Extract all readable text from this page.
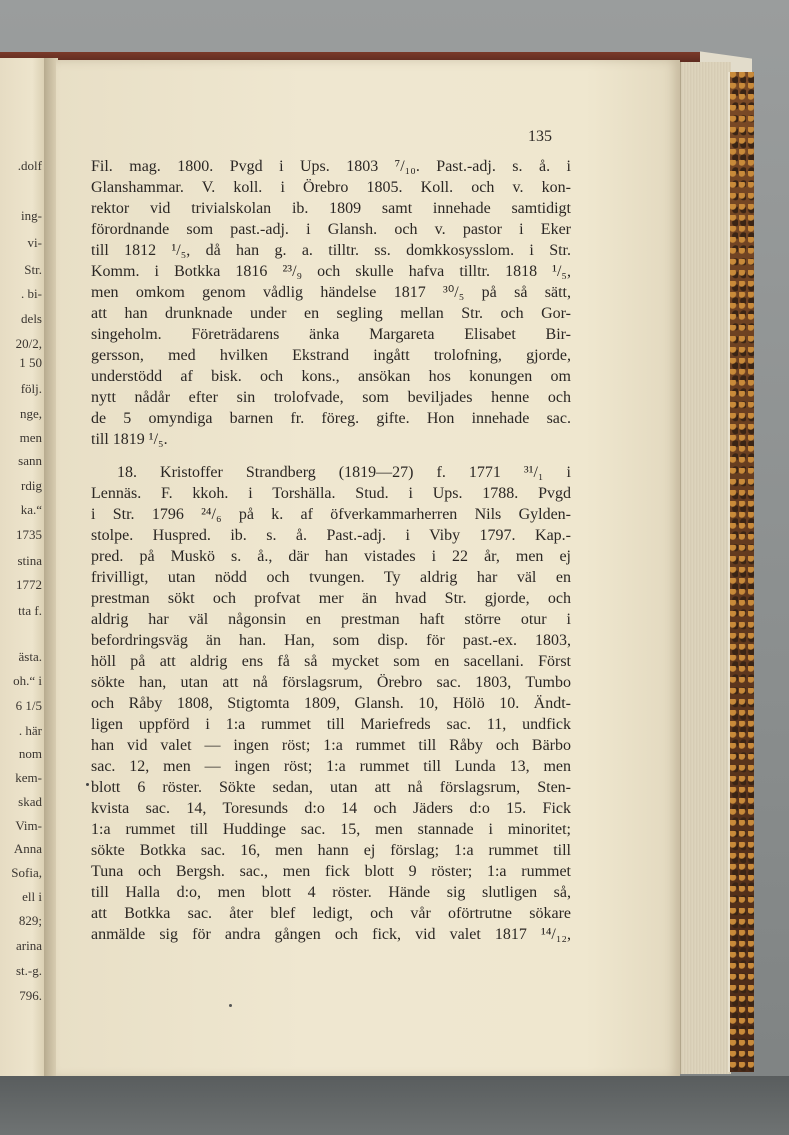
.dolf
ing-
vi-
Str.
. bi-
dels
20/2,
1 50
följ.
nge,
men
sann
rdig
ka.“
1735
stina
1772
tta f.
ästa.
oh.“ i
6 1/5
. här
nom
kem-
skad
Vim-
Anna
Sofia,
ell i
829;
arina
st.-g.
796.
135
Fil. mag. 1800. Pvgd i Ups. 1803 ⁷/₁₀. Past.-adj. s. å. i
Glanshammar. V. koll. i Örebro 1805. Koll. och v. kon-
rektor vid trivialskolan ib. 1809 samt innehade samtidigt
förordnande som past.-adj. i Glansh. och v. pastor i Eker
till 1812 ¹/₅, då han g. a. tilltr. ss. domkkosysslom. i Str.
Komm. i Botkka 1816 ²³/₉ och skulle hafva tilltr. 1818 ¹/₅,
men omkom genom vådlig händelse 1817 ³⁰/₅ på så sätt,
att han drunknade under en segling mellan Str. och Gor-
singeholm. Företrädarens änka Margareta Elisabet Bir-
gersson, med hvilken Ekstrand ingått trolofning, gjorde,
understödd af bisk. och kons., ansökan hos konungen om
nytt nådår efter sin trolofvade, som beviljades henne och
de 5 omyndiga barnen fr. föreg. gifte. Hon innehade sac.
till 1819 ¹/₅.
18. Kristoffer Strandberg (1819—27) f. 1771 ³¹/₁ i
Lennäs. F. kkoh. i Torshälla. Stud. i Ups. 1788. Pvgd
i Str. 1796 ²⁴/₆ på k. af öfverkammarherren Nils Gylden-
stolpe. Huspred. ib. s. å. Past.-adj. i Viby 1797. Kap.-
pred. på Muskö s. å., där han vistades i 22 år, men ej
frivilligt, utan nödd och tvungen. Ty aldrig har väl en
prestman sökt och profvat mer än hvad Str. gjorde, och
aldrig har väl någonsin en prestman haft större otur i
befordringsväg än han. Han, som disp. för past.-ex. 1803,
höll på att aldrig ens få så mycket som en sacellani. Först
sökte han, utan att nå förslagsrum, Örebro sac. 1803, Tumbo
och Råby 1808, Stigtomta 1809, Glansh. 10, Hölö 10. Ändt-
ligen uppförd i 1:a rummet till Mariefreds sac. 11, undfick
han vid valet — ingen röst; 1:a rummet till Råby och Bärbo
sac. 12, men — ingen röst; 1:a rummet till Lunda 13, men
blott 6 röster. Sökte sedan, utan att nå förslagsrum, Sten-
kvista sac. 14, Toresunds d:o 14 och Jäders d:o 15. Fick
1:a rummet till Huddinge sac. 15, men stannade i minoritet;
sökte Botkka sac. 16, men hann ej förslag; 1:a rummet till
Tuna och Bergsh. sac., men fick blott 9 röster; 1:a rummet
till Halla d:o, men blott 4 röster. Hände sig slutligen så,
att Botkka sac. åter blef ledigt, och vår oförtrutne sökare
anmälde sig för andra gången och fick, vid valet 1817 ¹⁴/₁₂,
